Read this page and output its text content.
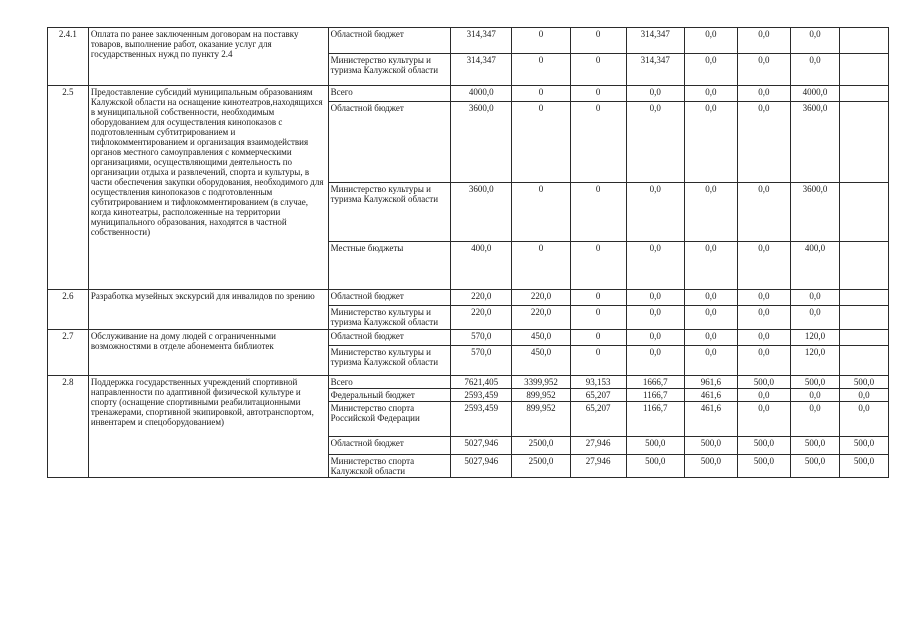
2.4.1	Оплата по ранее заключенным договорам на поставку товаров, выполнение работ, оказание услуг для государственных нужд по пункту 2.4	Областной бюджет	314,347	0	0	314,347	0,0	0,0	0,0	
		Министерство культуры и туризма Калужской области	314,347	0	0	314,347	0,0	0,0	0,0	
2.5	Предоставление субсидий муниципальным образованиям Калужской области на оснащение кинотеатров,находящихся в муниципальной собственности, необходимым оборудованием для осуществления кинопоказов с подготовленным субтитрированием и тифлокомментированием и организация взаимодействия органов местного самоуправления с коммерческими организациями, осуществляющими деятельность по организации отдыха и развлечений, спорта и культуры, в части обеспечения закупки оборудования, необходимого для осуществления кинопоказов с подготовленным субтитрированием и тифлокомментированием (в случае, когда кинотеатры, расположенные на территории муниципального образования, находятся в частной собственности)	Всего	4000,0	0	0	0,0	0,0	0,0	4000,0	
		Областной бюджет	3600,0	0	0	0,0	0,0	0,0	3600,0	
		Министерство культуры и туризма Калужской области	3600,0	0	0	0,0	0,0	0,0	3600,0	
		Местные бюджеты	400,0	0	0	0,0	0,0	0,0	400,0	
2.6	Разработка музейных экскурсий для инвалидов по зрению	Областной бюджет	220,0	220,0	0	0,0	0,0	0,0	0,0	
		Министерство культуры и туризма Калужской области	220,0	220,0	0	0,0	0,0	0,0	0,0	
2.7	Обслуживание на дому людей с ограниченными возможностями в отделе абонемента библиотек	Областной бюджет	570,0	450,0	0	0,0	0,0	0,0	120,0	
		Министерство культуры и туризма Калужской области	570,0	450,0	0	0,0	0,0	0,0	120,0	
2.8	Поддержка государственных учреждений спортивной направленности по адаптивной физической культуре и спорту (оснащение спортивными реабилитационными тренажерами, спортивной экипировкой, автотранспортом, инвентарем и спецоборудованием)	Всего	7621,405	3399,952	93,153	1666,7	961,6	500,0	500,0	500,0
		Федеральный бюджет	2593,459	899,952	65,207	1166,7	461,6	0,0	0,0	0,0
		Министерство спорта Российской Федерации	2593,459	899,952	65,207	1166,7	461,6	0,0	0,0	0,0
		Областной бюджет	5027,946	2500,0	27,946	500,0	500,0	500,0	500,0	500,0
		Министерство спорта Калужской области	5027,946	2500,0	27,946	500,0	500,0	500,0	500,0	500,0
